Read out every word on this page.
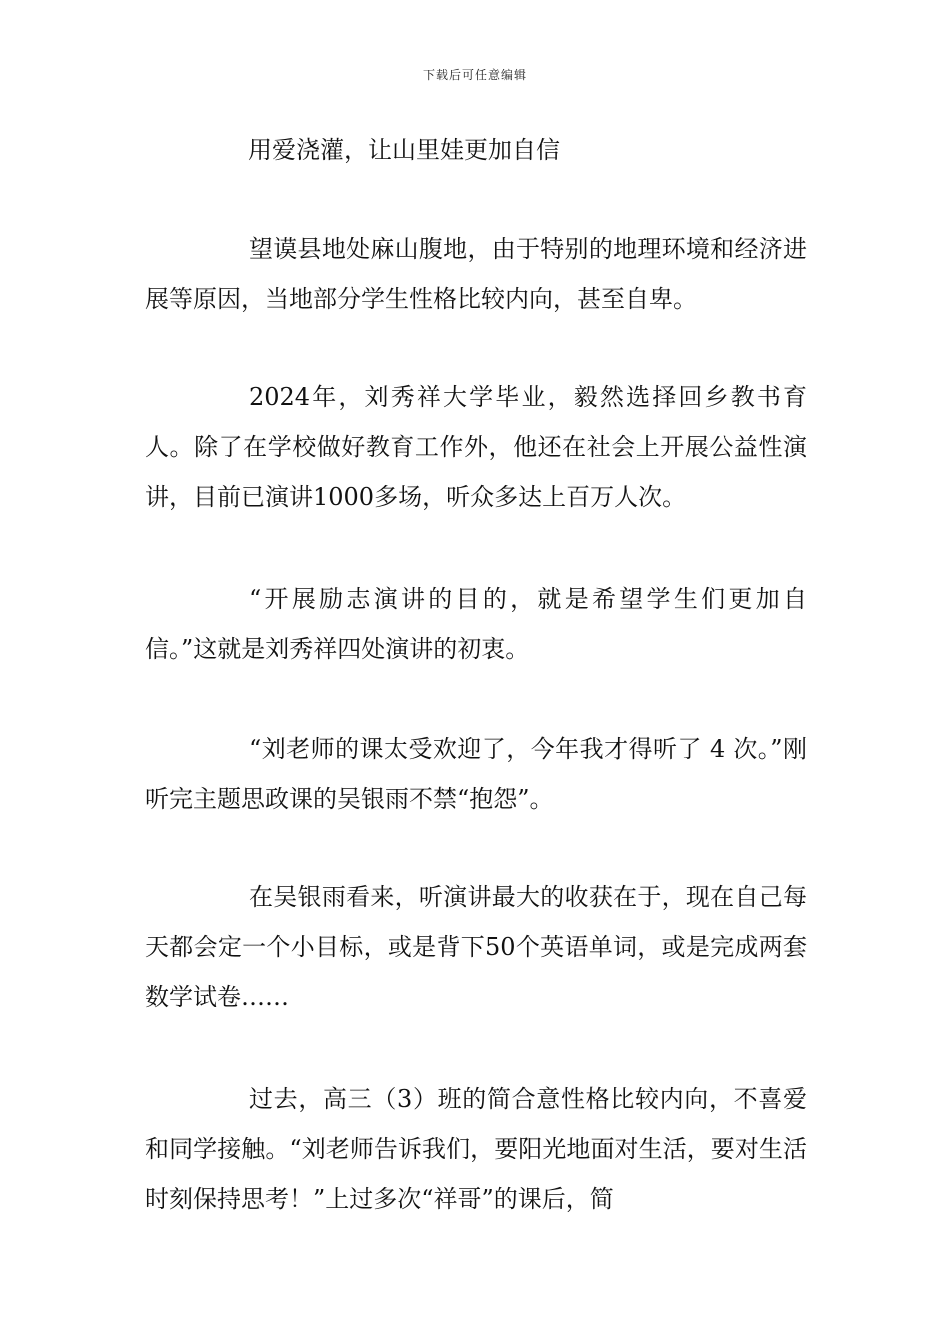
下载后可任意编辑
用爱浇灌，让山里娃更加自信

望谟县地处麻山腹地，由于特别的地理环境和经济进展等原因，当地部分学生性格比较内向，甚至自卑。

2024年，刘秀祥大学毕业，毅然选择回乡教书育人。除了在学校做好教育工作外，他还在社会上开展公益性演讲，目前已演讲1000多场，听众多达上百万人次。

“开展励志演讲的目的，就是希望学生们更加自信。”这就是刘秀祥四处演讲的初衷。

“刘老师的课太受欢迎了，今年我才得听了 4 次。”刚听完主题思政课的吴银雨不禁“抱怨”。

在吴银雨看来，听演讲最大的收获在于，现在自己每天都会定一个小目标，或是背下50个英语单词，或是完成两套数学试卷……

过去，高三（3）班的简合意性格比较内向，不喜爱和同学接触。“刘老师告诉我们，要阳光地面对生活，要对生活时刻保持思考！”上过多次“祥哥”的课后，简
